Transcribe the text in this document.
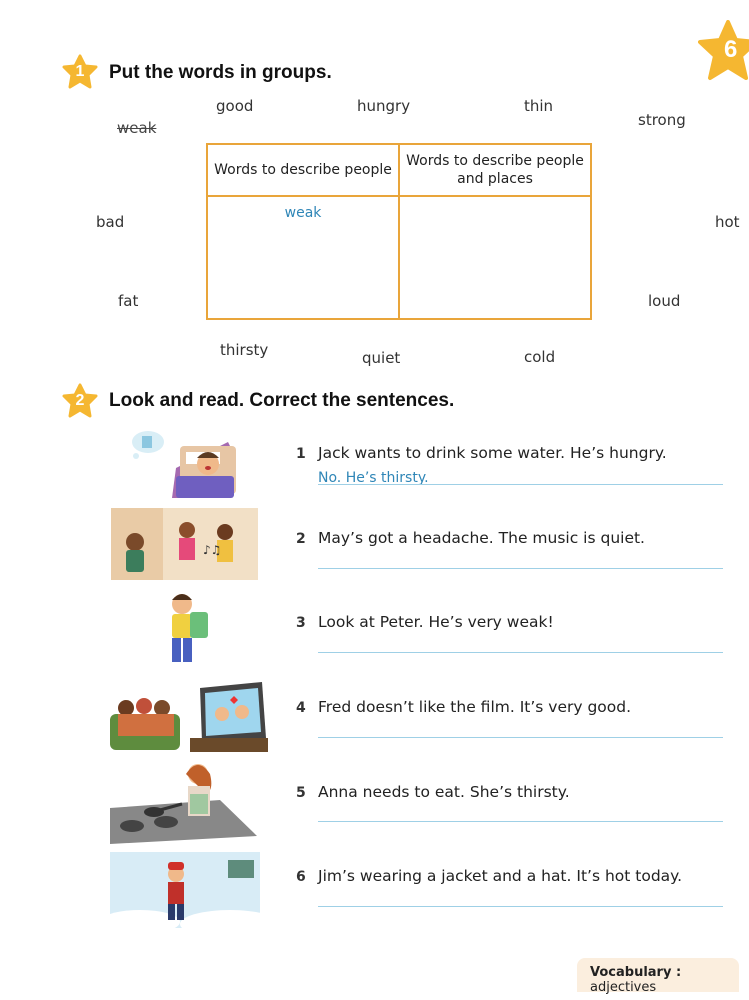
6
1	Put the words in groups.
weak
good	hungry	thin
strong
bad	hot
fat	loud
thirsty	quiet	cold
Words to describe people	Words to describe people
and places
weak	
2	Look and read. Correct the sentences.
♪♫
1 Jack wants to drink some water. He’s hungry.
No. He’s thirsty.
2 May’s got a headache. The music is quiet.
3 Look at Peter. He’s very weak!
4 Fred doesn’t like the film. It’s very good.
5 Anna needs to eat. She’s thirsty.
6 Jim’s wearing a jacket and a hat. It’s hot today.
Vocabulary : adjectives
